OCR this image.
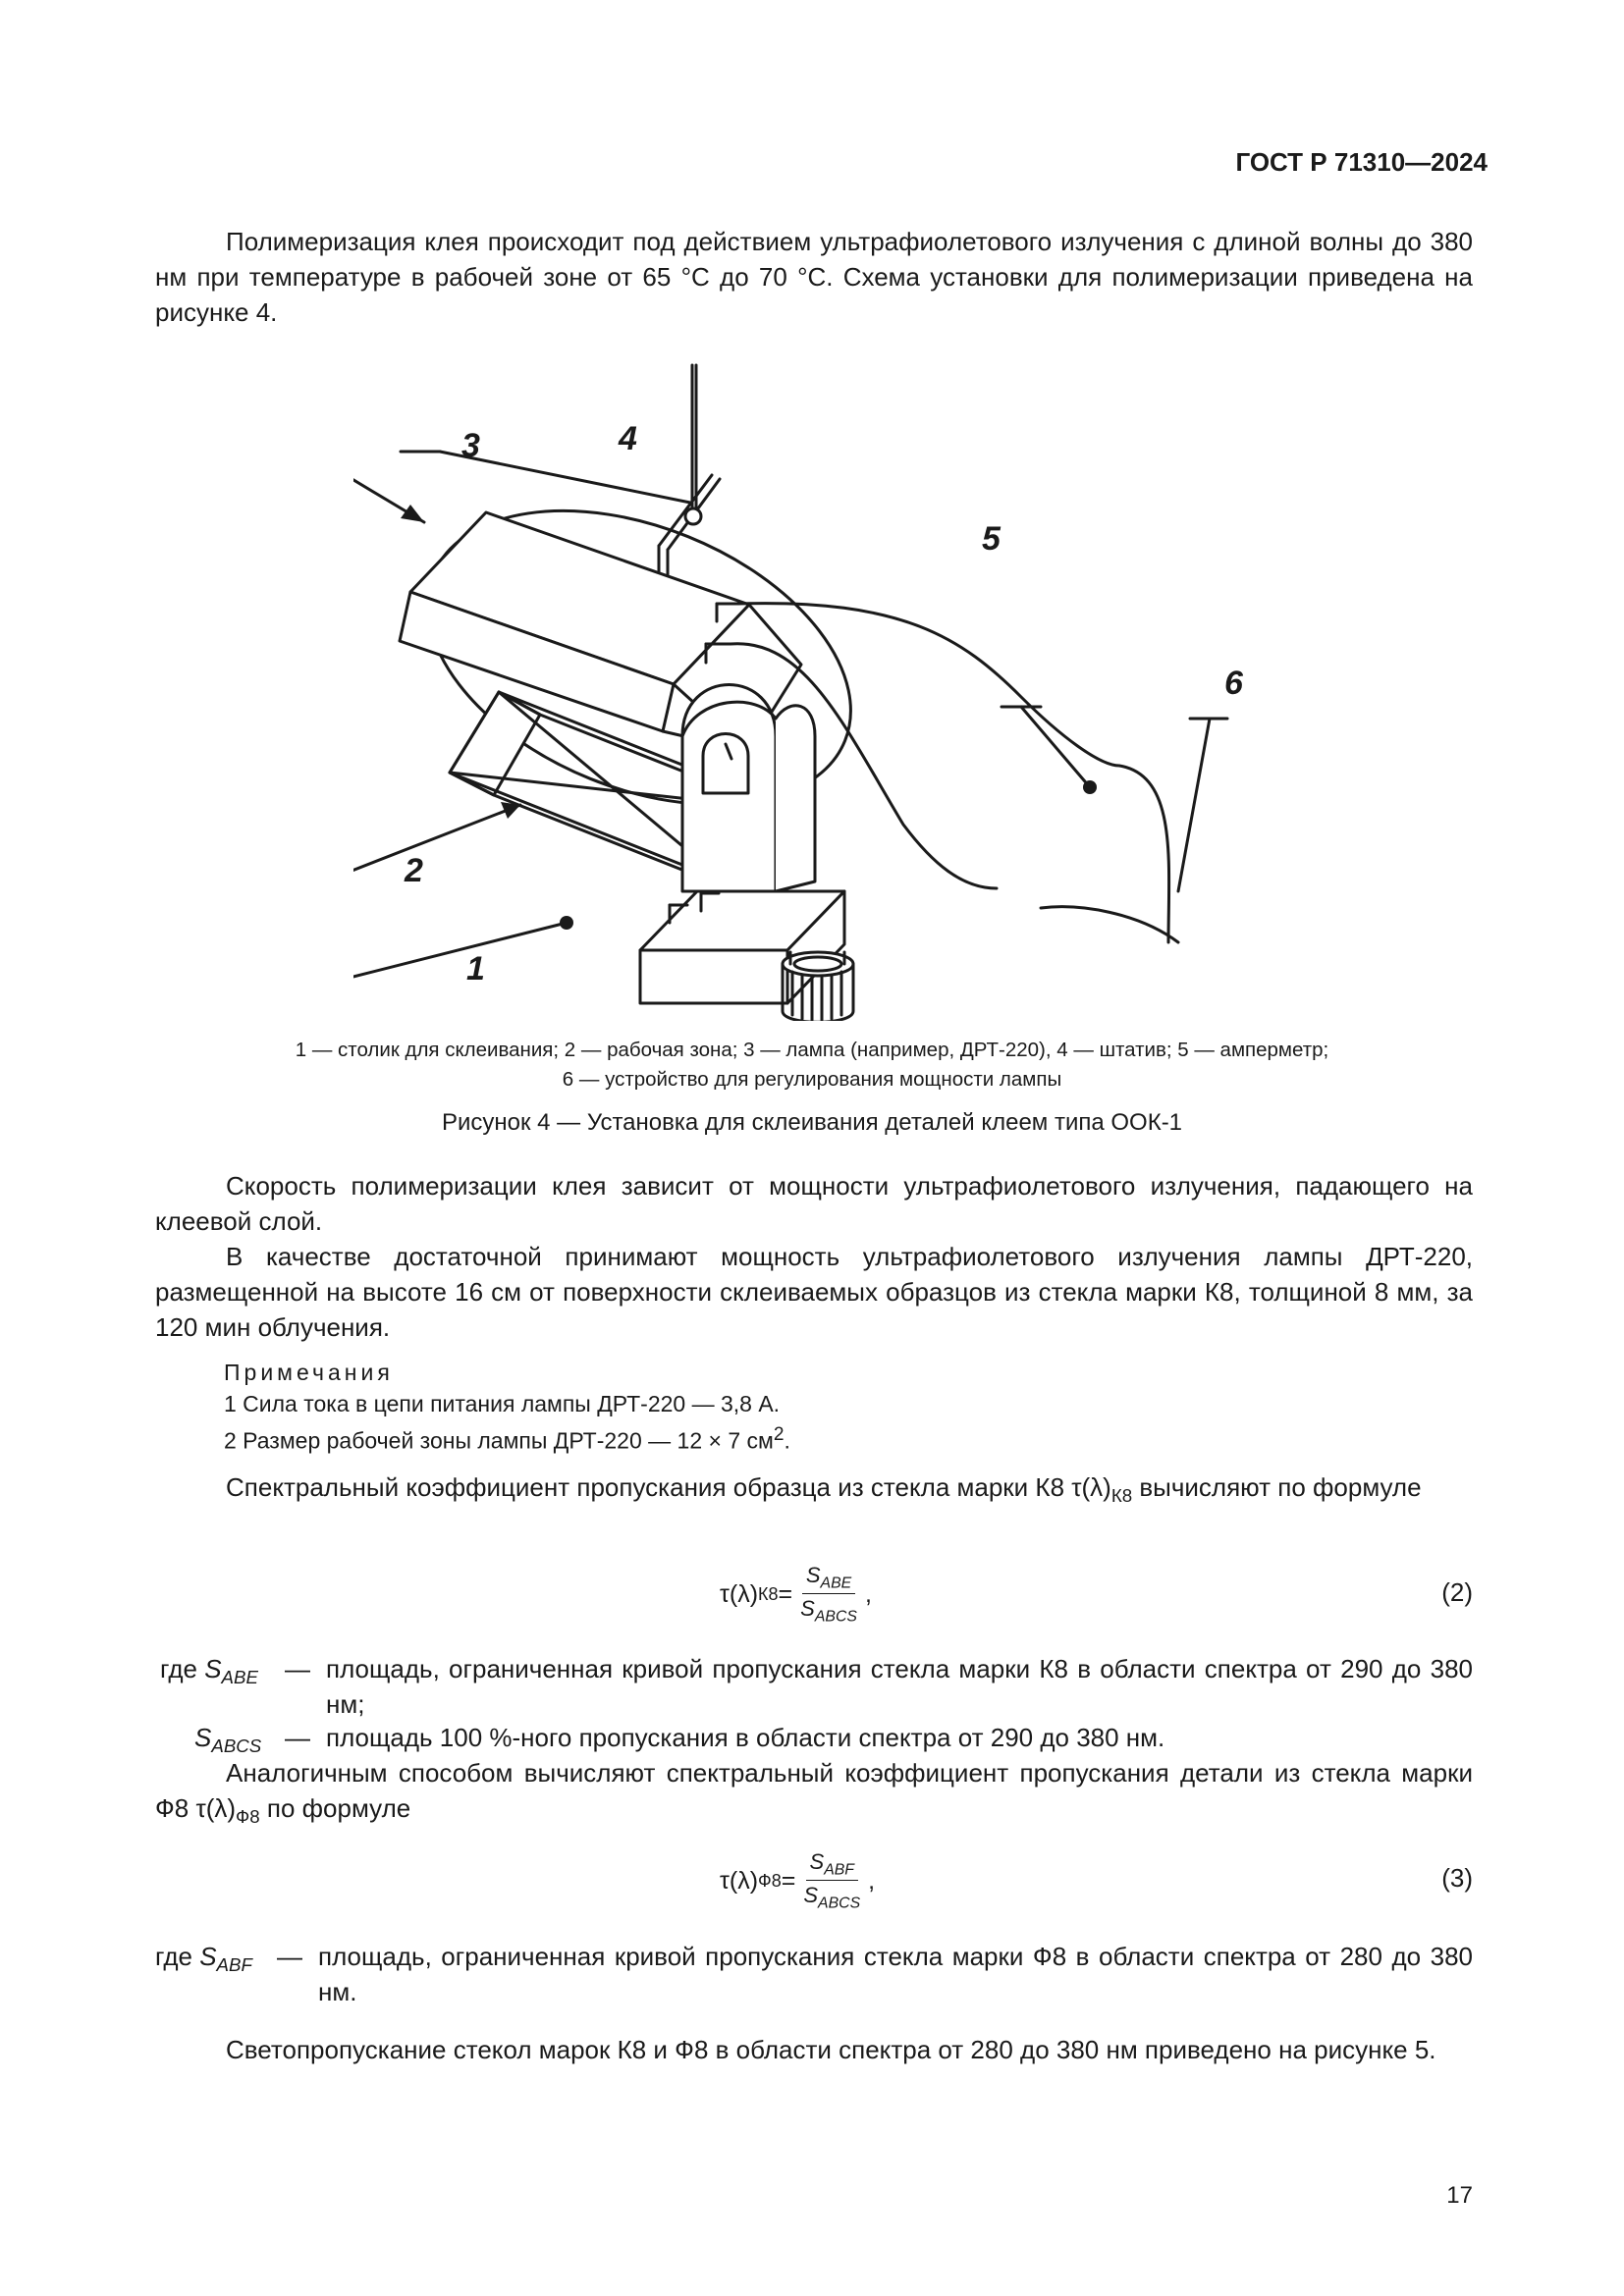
ГОСТ Р 71310—2024

Полимеризация клея происходит под действием ультрафиолетового излучения с длиной волны до 380 нм при температуре в рабочей зоне от 65 °С до 70 °С. Схема установки для полимеризации приведена на рисунке 4.

3	4
5
6
2
1
1 — столик для склеивания; 2 — рабочая зона; 3 — лампа (например, ДРТ-220), 4 — штатив; 5 — амперметр;
6 — устройство для регулирования мощности лампы
Рисунок 4 — Установка для склеивания деталей клеем типа ООК-1

Скорость полимеризации клея зависит от мощности ультрафиолетового излучения, падающего на клеевой слой.

В качестве достаточной принимают мощность ультрафиолетового излучения лампы ДРТ-220, размещенной на высоте 16 см от поверхности склеиваемых образцов из стекла марки К8, толщиной 8 мм, за 120 мин облучения.

Примечания
1 Сила тока в цепи питания лампы ДРТ-220 — 3,8 А.
2 Размер рабочей зоны лампы ДРТ-220 — 12 × 7 $см^2$.

Спектральный коэффициент пропускания образца из стекла марки К8 $\tau(\lambda)_{К8}$ вычисляют по формуле

τ(λ) $К8 = \frac{S_{ABE}}{S_{ABCS}}$ ,	(2)
где $S_{ABE}$ — площадь, ограниченная кривой пропускания стекла марки К8 в области спектра от 290 до 380 нм;
$S_{ABCS}$ — площадь 100 %-ного пропускания в области спектра от 290 до 380 нм.

Аналогичным способом вычисляют спектральный коэффициент пропускания детали из стекла марки Ф8 $\tau(\lambda)_{Ф8}$ по формуле

τ(λ) $Ф8 = \frac{S_{ABF}}{S_{ABCS}}$ ,	(3)
где $S_{ABF}$ — площадь, ограниченная кривой пропускания стекла марки Ф8 в области спектра от 280 до 380 нм.

Светопропускание стекол марок К8 и Ф8 в области спектра от 280 до 380 нм приведено на рисунке 5.

17
